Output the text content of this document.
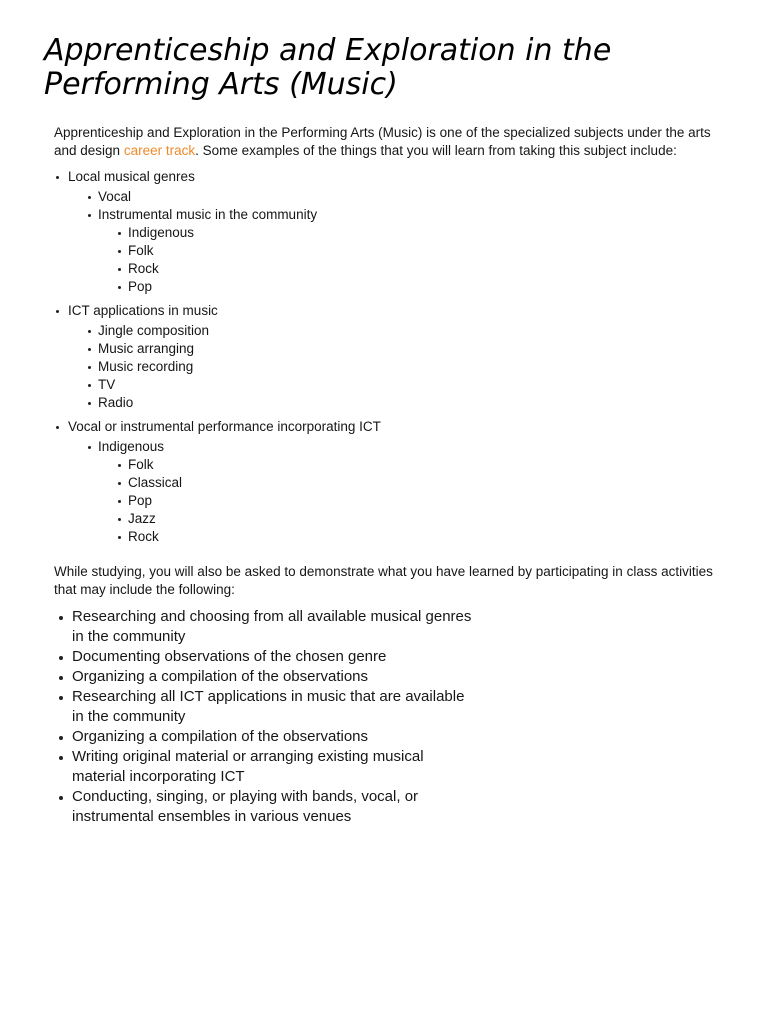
Apprenticeship and Exploration in the Performing Arts (Music)

Apprenticeship and Exploration in the Performing Arts (Music) is one of the specialized subjects under the arts and design career track. Some examples of the things that you will learn from taking this subject include:

Local musical genres
Vocal
Instrumental music in the community
Indigenous
Folk
Rock
Pop
ICT applications in music
Jingle composition
Music arranging
Music recording
TV
Radio
Vocal or instrumental performance incorporating ICT
Indigenous
Folk
Classical
Pop
Jazz
Rock

While studying, you will also be asked to demonstrate what you have learned by participating in class activities that may include the following:

Researching and choosing from all available musical genres in the community
Documenting observations of the chosen genre
Organizing a compilation of the observations
Researching all ICT applications in music that are available in the community
Organizing a compilation of the observations
Writing original material or arranging existing musical material incorporating ICT
Conducting, singing, or playing with bands, vocal, or instrumental ensembles in various venues
